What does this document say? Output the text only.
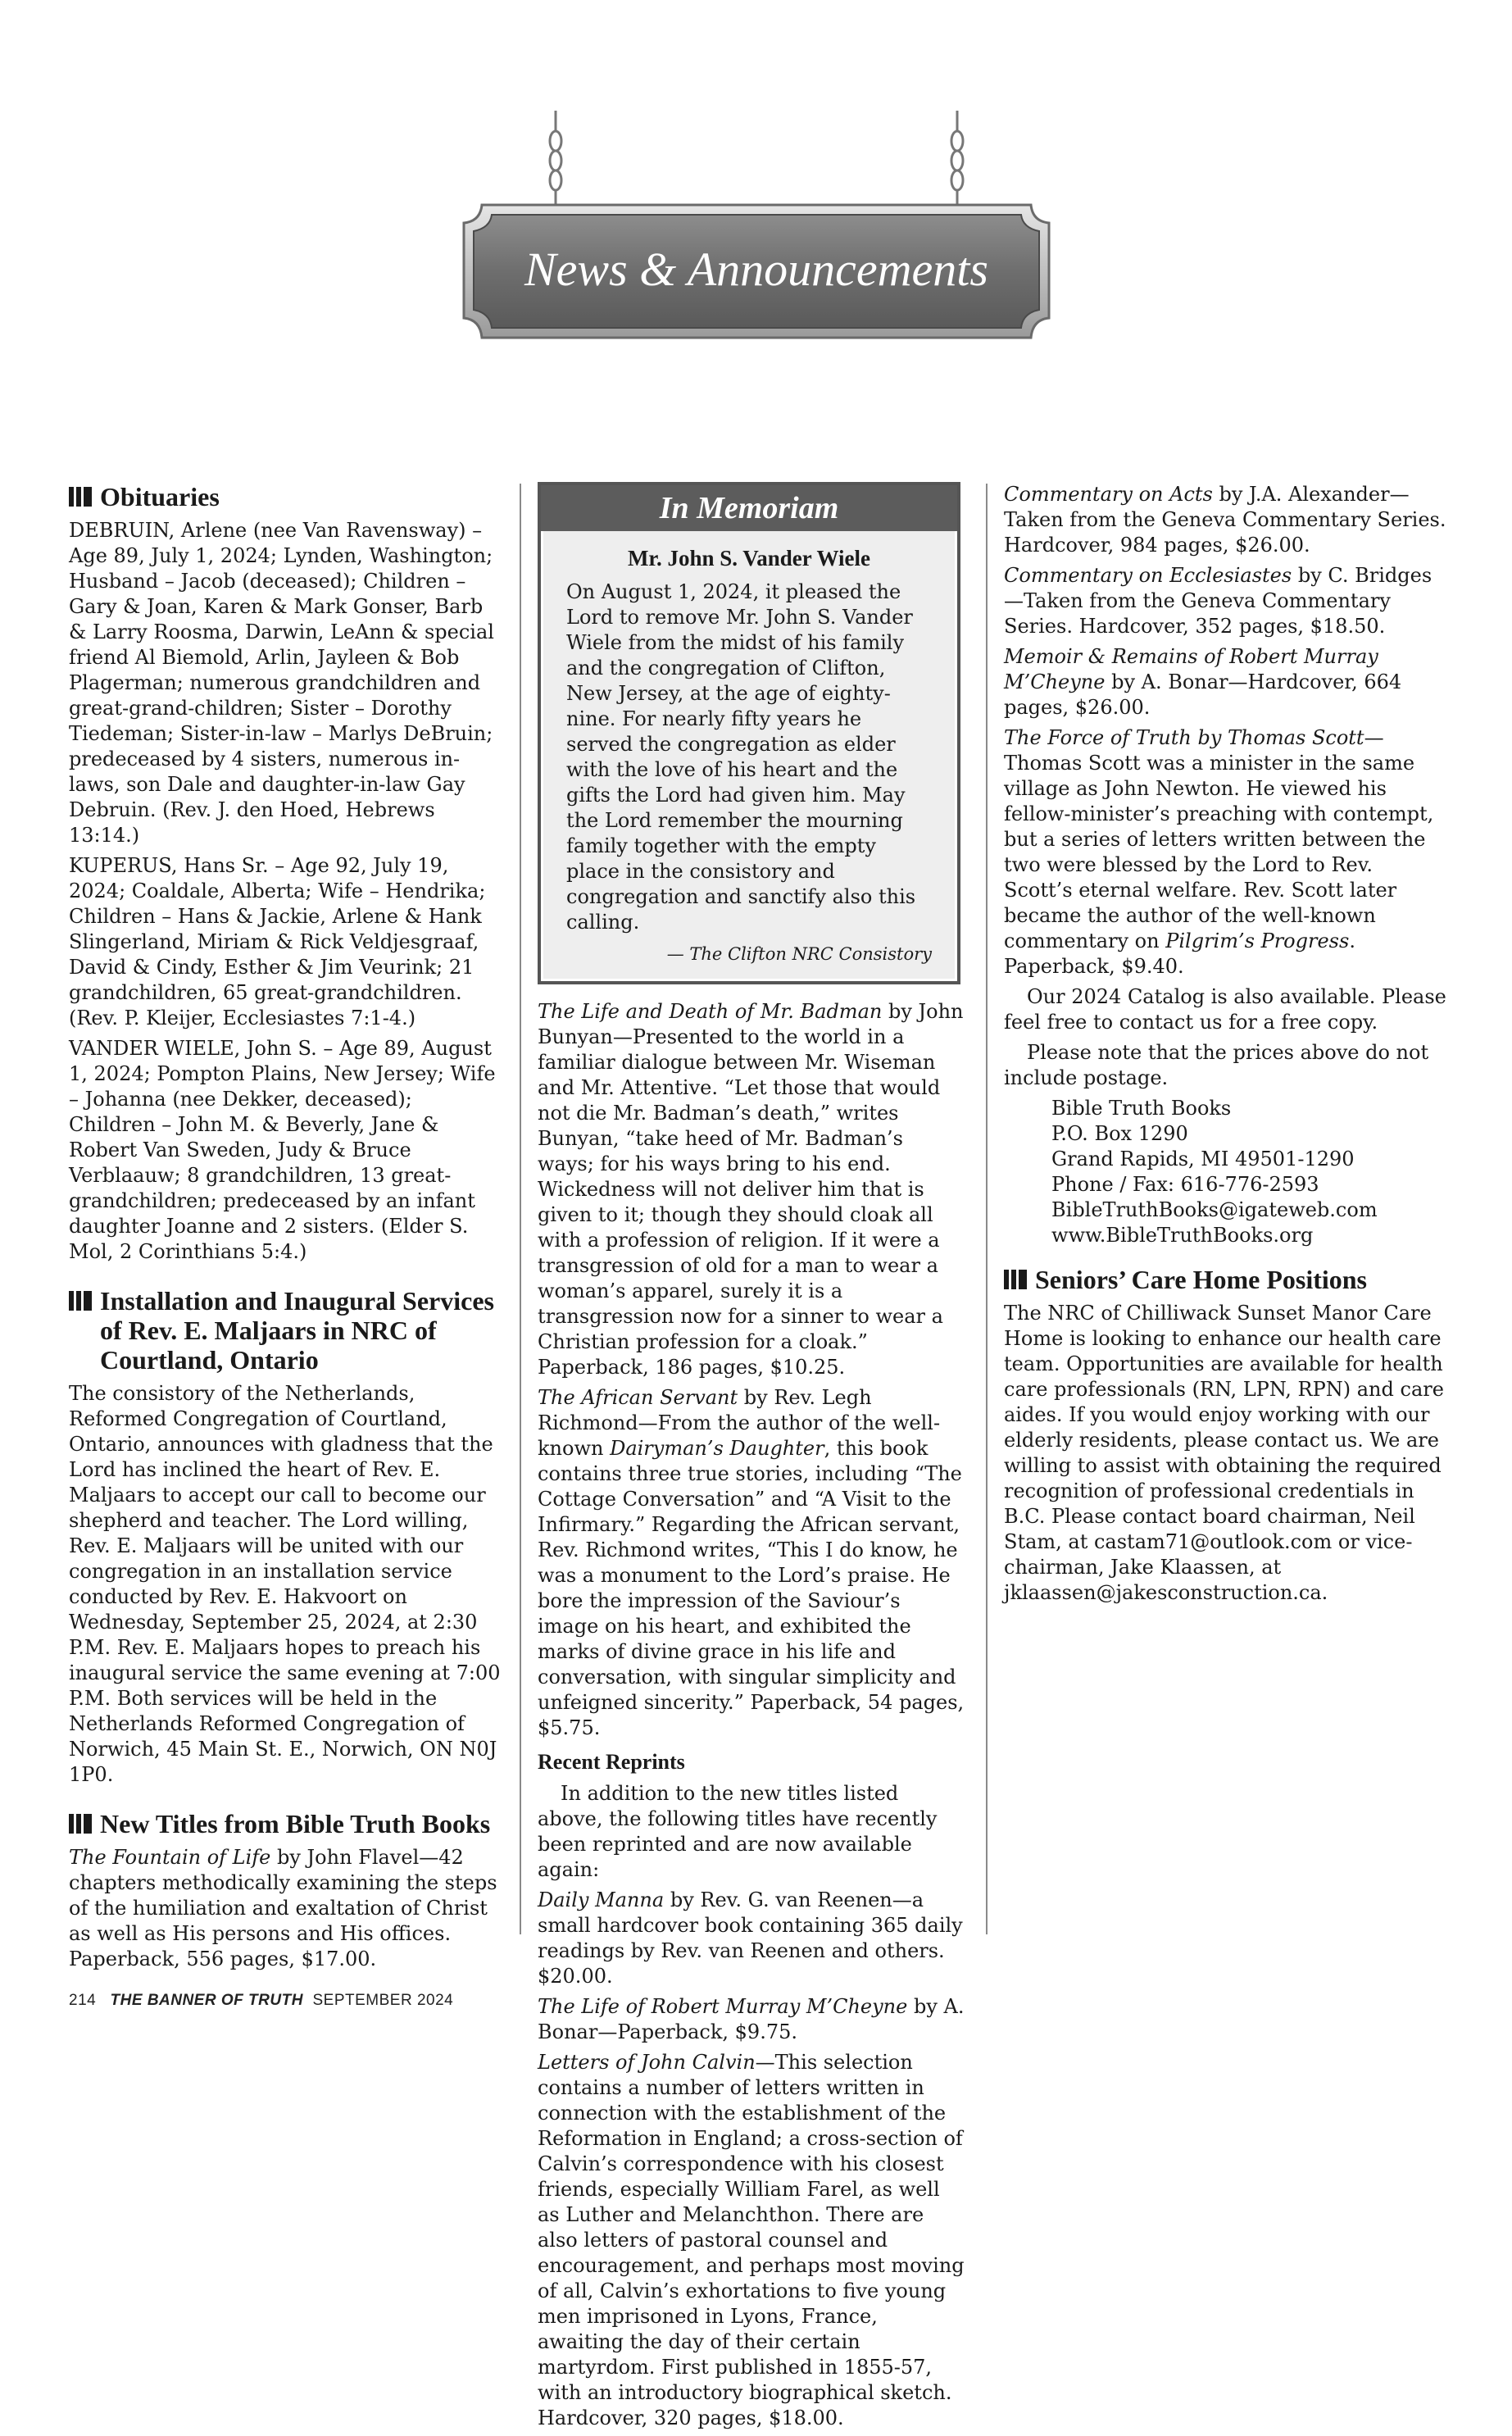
News & Announcements
Obituaries

DEBRUIN, Arlene (nee Van Ravensway) – Age 89, July 1, 2024; Lynden, Washington; Husband – Jacob (deceased); Children – Gary & Joan, Karen & Mark Gonser, Barb & Larry Roosma, Darwin, LeAnn & special friend Al Biemold, Arlin, Jayleen & Bob Plagerman; numerous grandchildren and great-grand-children; Sister – Dorothy Tiedeman; Sister-in-law – Marlys DeBruin; predeceased by 4 sisters, numerous in-laws, son Dale and daughter-in-law Gay Debruin. (Rev. J. den Hoed, Hebrews 13:14.)

KUPERUS, Hans Sr. – Age 92, July 19, 2024; Coaldale, Alberta; Wife – Hendrika; Children – Hans & Jackie, Arlene & Hank Slingerland, Miriam & Rick Veldjesgraaf, David & Cindy, Esther & Jim Veurink; 21 grandchildren, 65 great-grandchildren. (Rev. P. Kleijer, Ecclesiastes 7:1-4.)

VANDER WIELE, John S. – Age 89, August 1, 2024; Pompton Plains, New Jersey; Wife – Johanna (nee Dekker, deceased); Children – John M. & Beverly, Jane & Robert Van Sweden, Judy & Bruce Verblaauw; 8 grandchildren, 13 great-grandchildren; predeceased by an infant daughter Joanne and 2 sisters. (Elder S. Mol, 2 Corinthians 5:4.)

Installation and Inaugural Services of Rev. E. Maljaars in NRC of Courtland, Ontario

The consistory of the Netherlands, Reformed Congregation of Courtland, Ontario, announces with gladness that the Lord has inclined the heart of Rev. E. Maljaars to accept our call to become our shepherd and teacher. The Lord willing, Rev. E. Maljaars will be united with our congregation in an installation service conducted by Rev. E. Hakvoort on Wednesday, September 25, 2024, at 2:30 P.M. Rev. E. Maljaars hopes to preach his inaugural service the same evening at 7:00 P.M. Both services will be held in the Netherlands Reformed Congregation of Norwich, 45 Main St. E., Norwich, ON N0J 1P0.

New Titles from Bible Truth Books

The Fountain of Life by John Flavel—42 chapters methodically examining the steps of the humiliation and exaltation of Christ as well as His persons and His offices. Paperback, 556 pages, $17.00.

In Memoriam
Mr. John S. Vander Wiele

On August 1, 2024, it pleased the Lord to remove Mr. John S. Vander Wiele from the midst of his family and the congregation of Clifton, New Jersey, at the age of eighty-nine. For nearly fifty years he served the congregation as elder with the love of his heart and the gifts the Lord had given him. May the Lord remember the mourning family together with the empty place in the consistory and congregation and sanctify also this calling.

— The Clifton NRC Consistory

The Life and Death of Mr. Badman by John Bunyan—Presented to the world in a familiar dialogue between Mr. Wiseman and Mr. Attentive. “Let those that would not die Mr. Badman’s death,” writes Bunyan, “take heed of Mr. Badman’s ways; for his ways bring to his end. Wickedness will not deliver him that is given to it; though they should cloak all with a profession of religion. If it were a transgression of old for a man to wear a woman’s apparel, surely it is a transgression now for a sinner to wear a Christian profession for a cloak.” Paperback, 186 pages, $10.25.

The African Servant by Rev. Legh Richmond—From the author of the well-known Dairyman’s Daughter, this book contains three true stories, including “The Cottage Conversation” and “A Visit to the Infirmary.” Regarding the African servant, Rev. Richmond writes, “This I do know, he was a monument to the Lord’s praise. He bore the impression of the Saviour’s image on his heart, and exhibited the marks of divine grace in his life and conversation, with singular simplicity and unfeigned sincerity.” Paperback, 54 pages, $5.75.

Recent Reprints

In addition to the new titles listed above, the following titles have recently been reprinted and are now available again:

Daily Manna by Rev. G. van Reenen—a small hardcover book containing 365 daily readings by Rev. van Reenen and others. $20.00.

The Life of Robert Murray M’Cheyne by A. Bonar—Paperback, $9.75.

Letters of John Calvin—This selection contains a number of letters written in connection with the establishment of the Reformation in England; a cross-section of Calvin’s correspondence with his closest friends, especially William Farel, as well as Luther and Melanchthon. There are also letters of pastoral counsel and encouragement, and perhaps most moving of all, Calvin’s exhortations to five young men imprisoned in Lyons, France, awaiting the day of their certain martyrdom. First published in 1855-57, with an introductory biographical sketch. Hardcover, 320 pages, $18.00.

Commentary on Acts by J.A. Alexander—Taken from the Geneva Commentary Series. Hardcover, 984 pages, $26.00.

Commentary on Ecclesiastes by C. Bridges—Taken from the Geneva Commentary Series. Hardcover, 352 pages, $18.50.

Memoir & Remains of Robert Murray M’Cheyne by A. Bonar—Hardcover, 664 pages, $26.00.

The Force of Truth by Thomas Scott—Thomas Scott was a minister in the same village as John Newton. He viewed his fellow-minister’s preaching with contempt, but a series of letters written between the two were blessed by the Lord to Rev. Scott’s eternal welfare. Rev. Scott later became the author of the well-known commentary on Pilgrim’s Progress. Paperback, $9.40.

Our 2024 Catalog is also available. Please feel free to contact us for a free copy.

Please note that the prices above do not include postage.

Bible Truth Books
P.O. Box 1290
Grand Rapids, MI 49501-1290
Phone / Fax: 616-776-2593
BibleTruthBooks@igateweb.com
www.BibleTruthBooks.org
Seniors’ Care Home Positions

The NRC of Chilliwack Sunset Manor Care Home is looking to enhance our health care team. Opportunities are available for health care professionals (RN, LPN, RPN) and care aides. If you would enjoy working with our elderly residents, please contact us. We are willing to assist with obtaining the required recognition of professional credentials in B.C. Please contact board chairman, Neil Stam, at castam71@outlook.com or vice-chairman, Jake Klaassen, at jklaassen@jakesconstruction.ca.

214 THE BANNER OF TRUTH SEPTEMBER 2024
